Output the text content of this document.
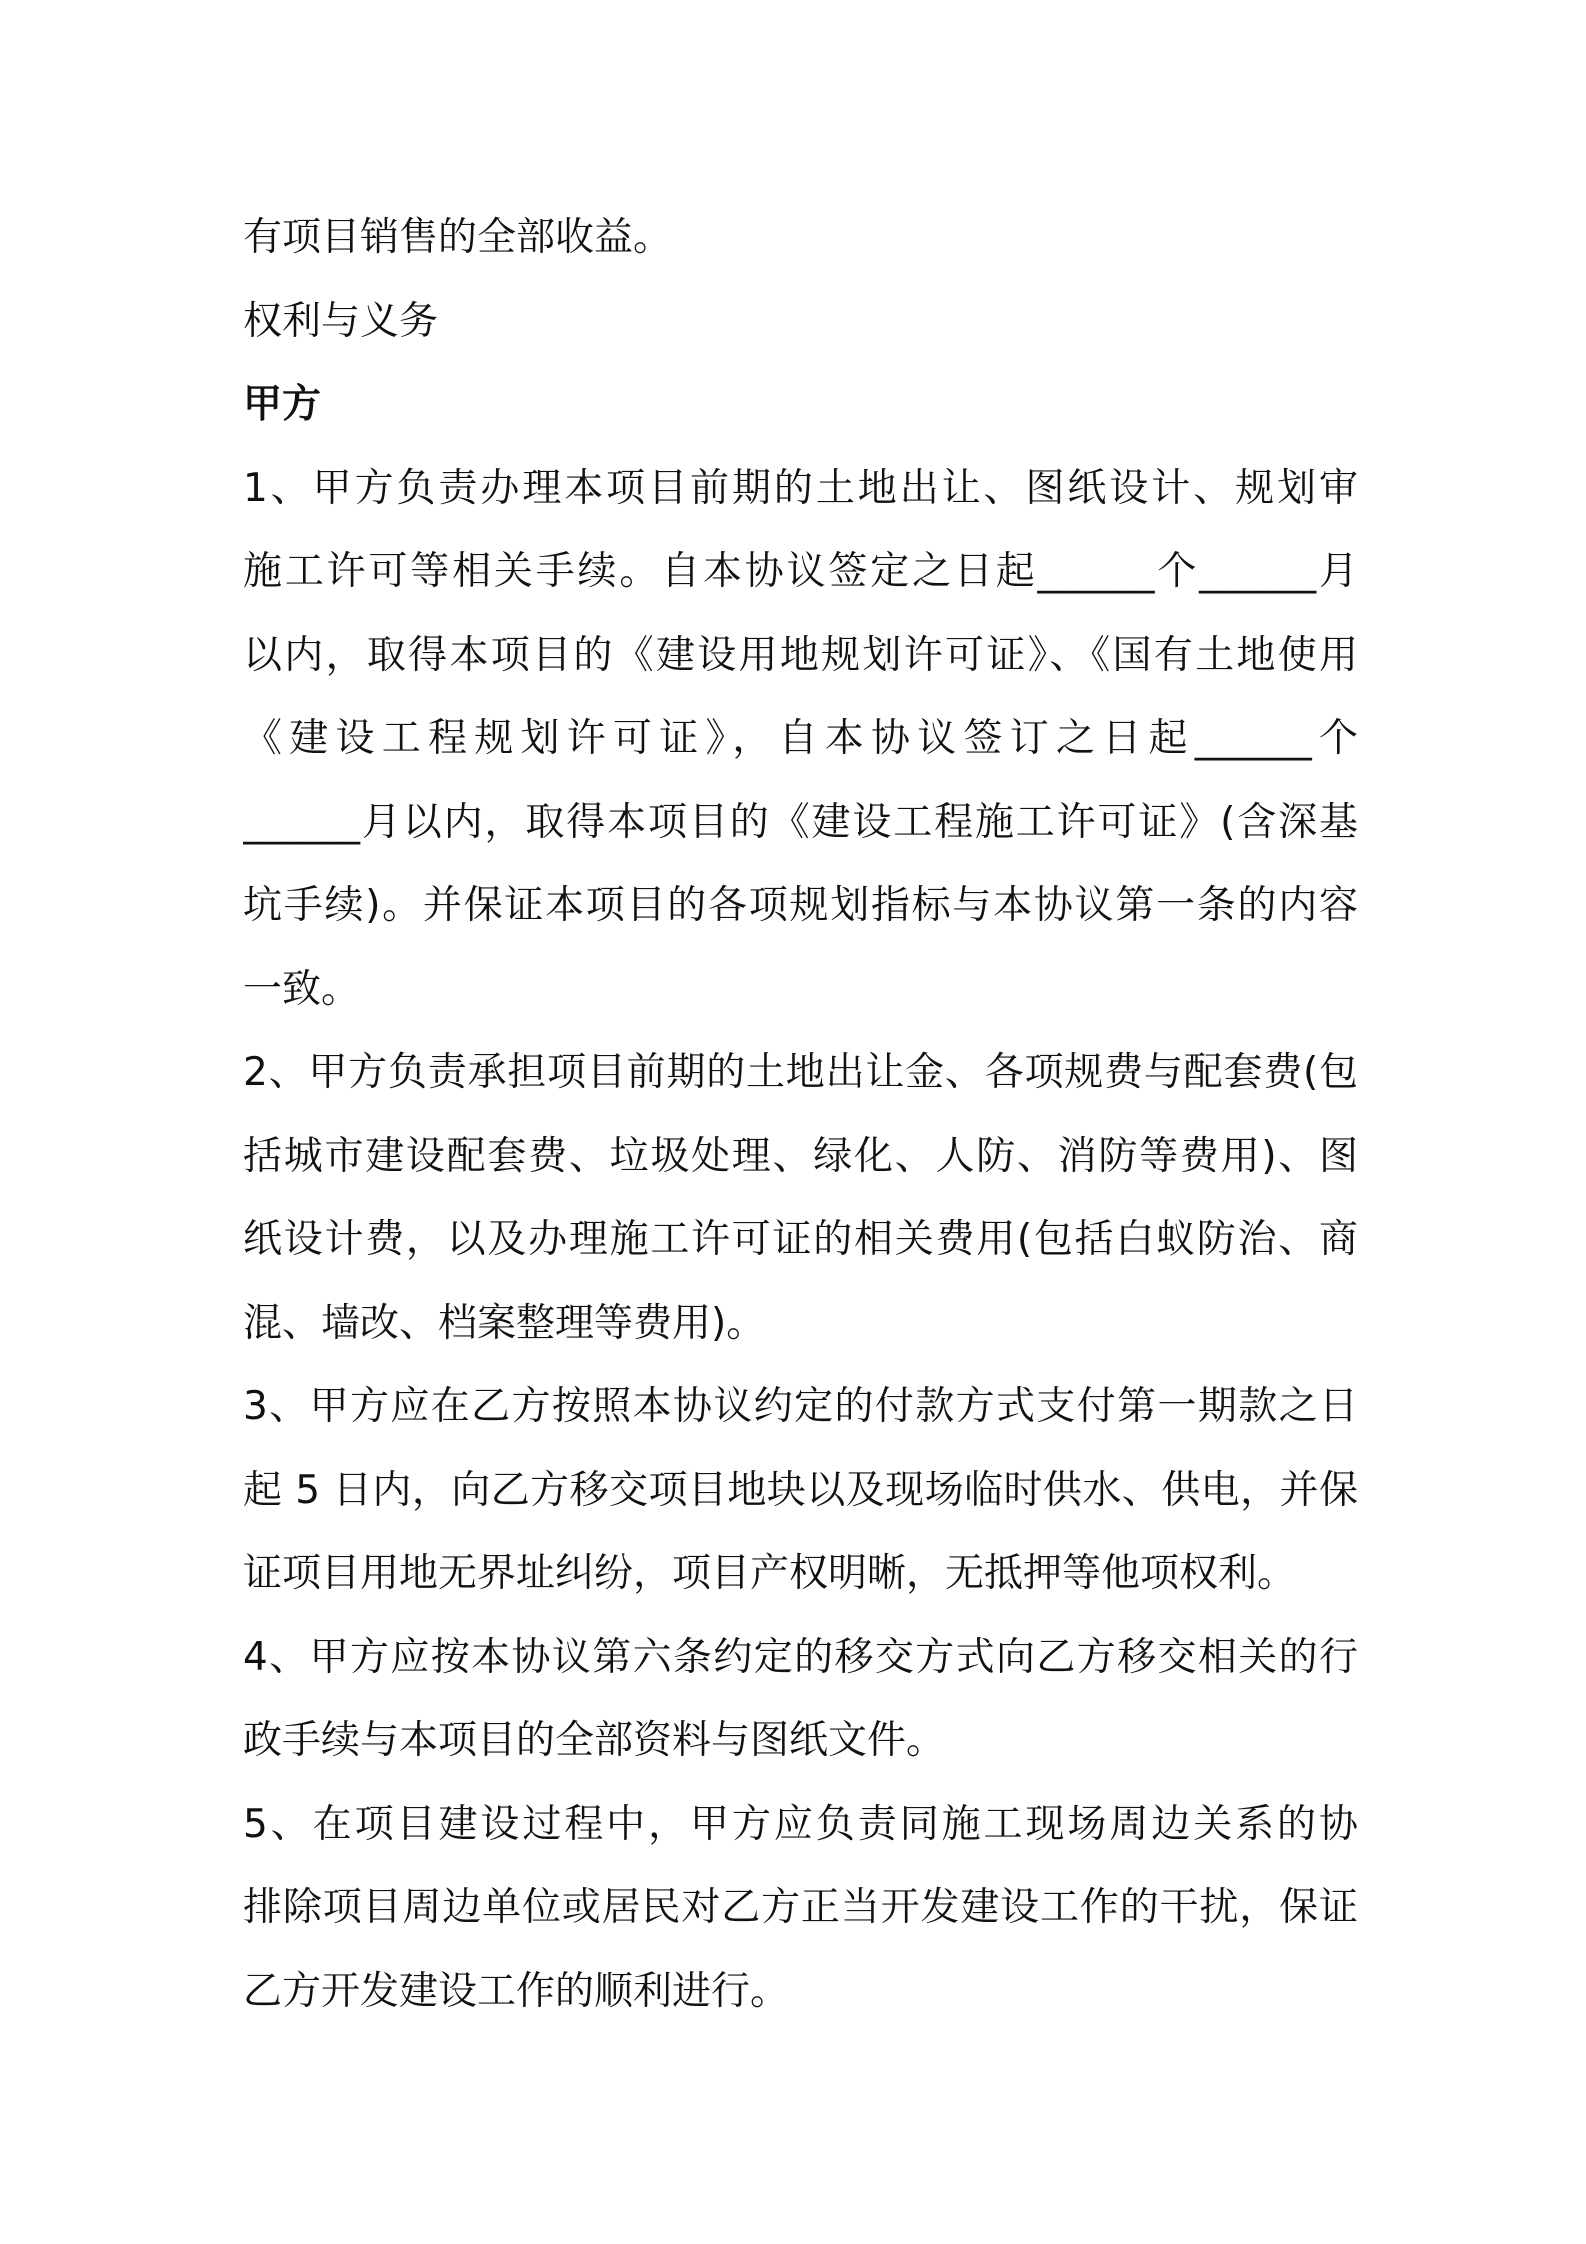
有项目销售的全部收益。
权利与义务
甲方
1、甲方负责办理本项目前期的土地出让、图纸设计、规划审
施工许可等相关手续。自本协议签定之日起______个______月
以内，取得本项目的《建设用地规划许可证》、《国有土地使用
《建设工程规划许可证》，自本协议签订之日起______个
______月以内，取得本项目的《建设工程施工许可证》(含深基
坑手续)。并保证本项目的各项规划指标与本协议第一条的内容
一致。
2、甲方负责承担项目前期的土地出让金、各项规费与配套费(包
括城市建设配套费、垃圾处理、绿化、人防、消防等费用)、图
纸设计费，以及办理施工许可证的相关费用(包括白蚁防治、商
混、墙改、档案整理等费用)。
3、甲方应在乙方按照本协议约定的付款方式支付第一期款之日
起 5 日内，向乙方移交项目地块以及现场临时供水、供电，并保
证项目用地无界址纠纷，项目产权明晰，无抵押等他项权利。
4、甲方应按本协议第六条约定的移交方式向乙方移交相关的行
政手续与本项目的全部资料与图纸文件。
5、在项目建设过程中，甲方应负责同施工现场周边关系的协
排除项目周边单位或居民对乙方正当开发建设工作的干扰，保证
乙方开发建设工作的顺利进行。
